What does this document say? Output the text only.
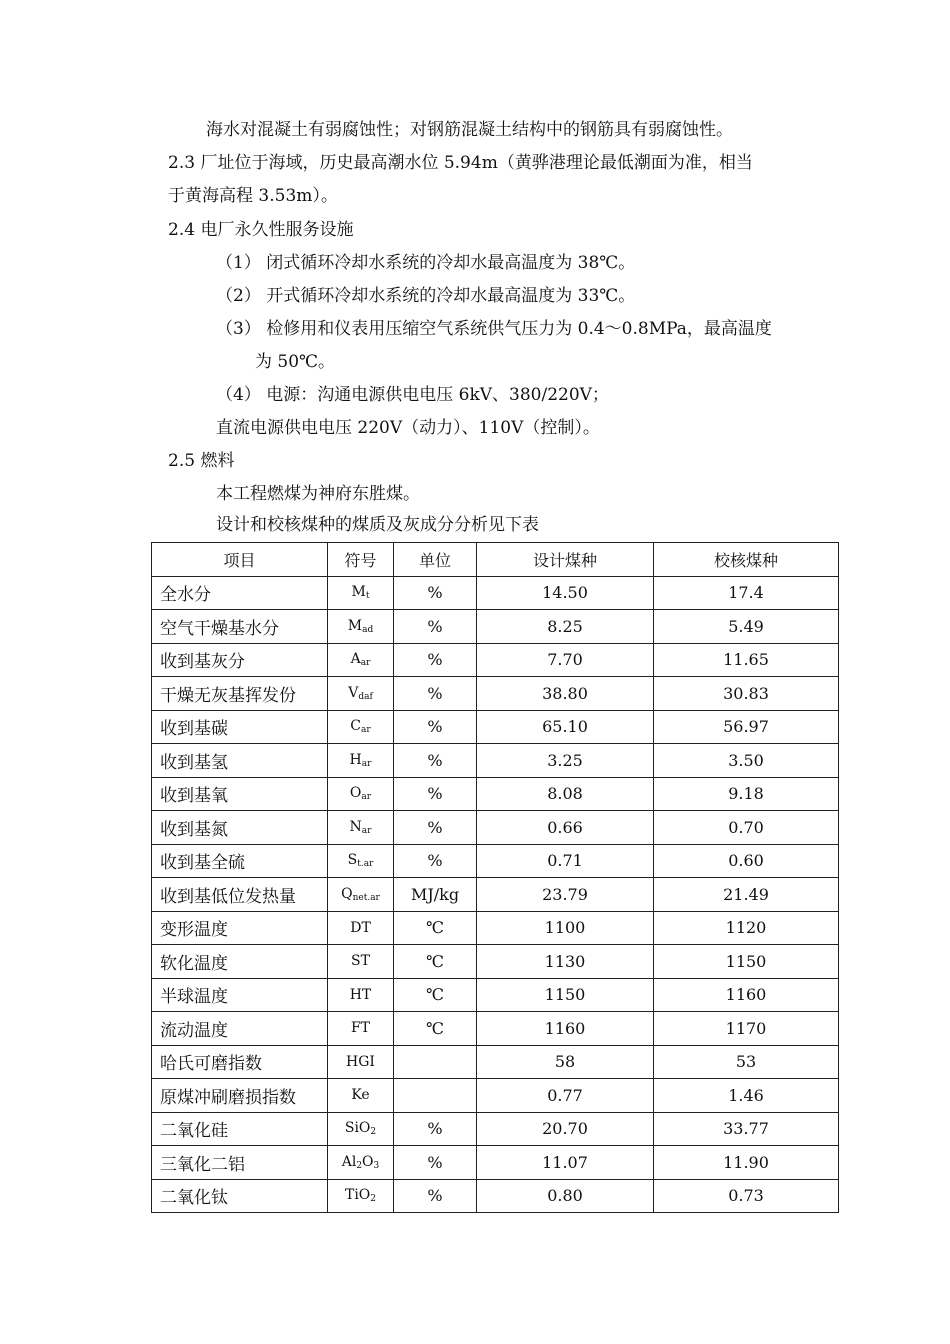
海水对混凝土有弱腐蚀性；对钢筋混凝土结构中的钢筋具有弱腐蚀性。
2.3 厂址位于海域，历史最高潮水位 5.94m（黄骅港理论最低潮面为准，相当
于黄海高程 3.53m）。
2.4 电厂永久性服务设施
（1） 闭式循环冷却水系统的冷却水最高温度为 38℃。
（2） 开式循环冷却水系统的冷却水最高温度为 33℃。
（3） 检修用和仪表用压缩空气系统供气压力为 0.4～0.8MPa，最高温度
为 50℃。
（4） 电源：沟通电源供电电压 6kV、380/220V；
直流电源供电电压 220V（动力）、110V（控制）。
2.5 燃料
本工程燃煤为神府东胜煤。
设计和校核煤种的煤质及灰成分分析见下表
项目	符号	单位	设计煤种	校核煤种
全水分	$M_t$	%	14.50	17.4
空气干燥基水分	$M_{ad}$	%	8.25	5.49
收到基灰分	$A_{ar}$	%	7.70	11.65
干燥无灰基挥发份	$V_{daf}$	%	38.80	30.83
收到基碳	$C_{ar}$	%	65.10	56.97
收到基氢	$H_{ar}$	%	3.25	3.50
收到基氧	$O_{ar}$	%	8.08	9.18
收到基氮	$N_{ar}$	%	0.66	0.70
收到基全硫	$S_{t.ar}$	%	0.71	0.60
收到基低位发热量	$Q_{net.ar}$	MJ/kg	23.79	21.49
变形温度	DT	℃	1100	1120
软化温度	ST	℃	1130	1150
半球温度	HT	℃	1150	1160
流动温度	FT	℃	1160	1170
哈氏可磨指数	HGI		58	53
原煤冲刷磨损指数	Ke		0.77	1.46
二氧化硅	SiO$_2$	%	20.70	33.77
三氧化二铝	$Al_2O_3$	%	11.07	11.90
二氧化钛	TiO$_2$	%	0.80	0.73
